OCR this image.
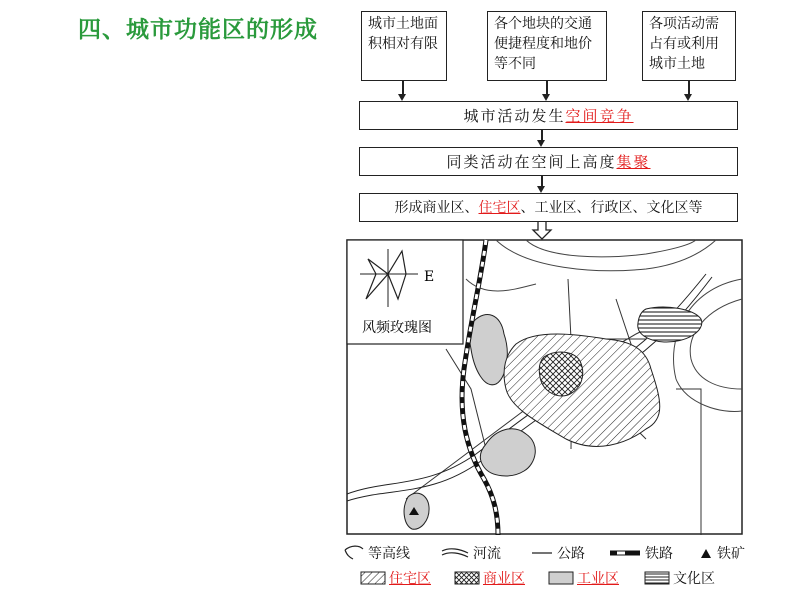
四、城市功能区的形成	城市土地面积相对有限
各个地块的交通便捷程度和地价等不同
各项活动需占有或利用城市土地
城市活动发生 空间竞争
同类活动在空间上高度 集聚
形成商业区、 住宅区 、工业区、行政区、文化区等
E
风频玫瑰图
等高线	河流	公路	铁路	铁矿
住宅区	商业区	工业区	文化区
